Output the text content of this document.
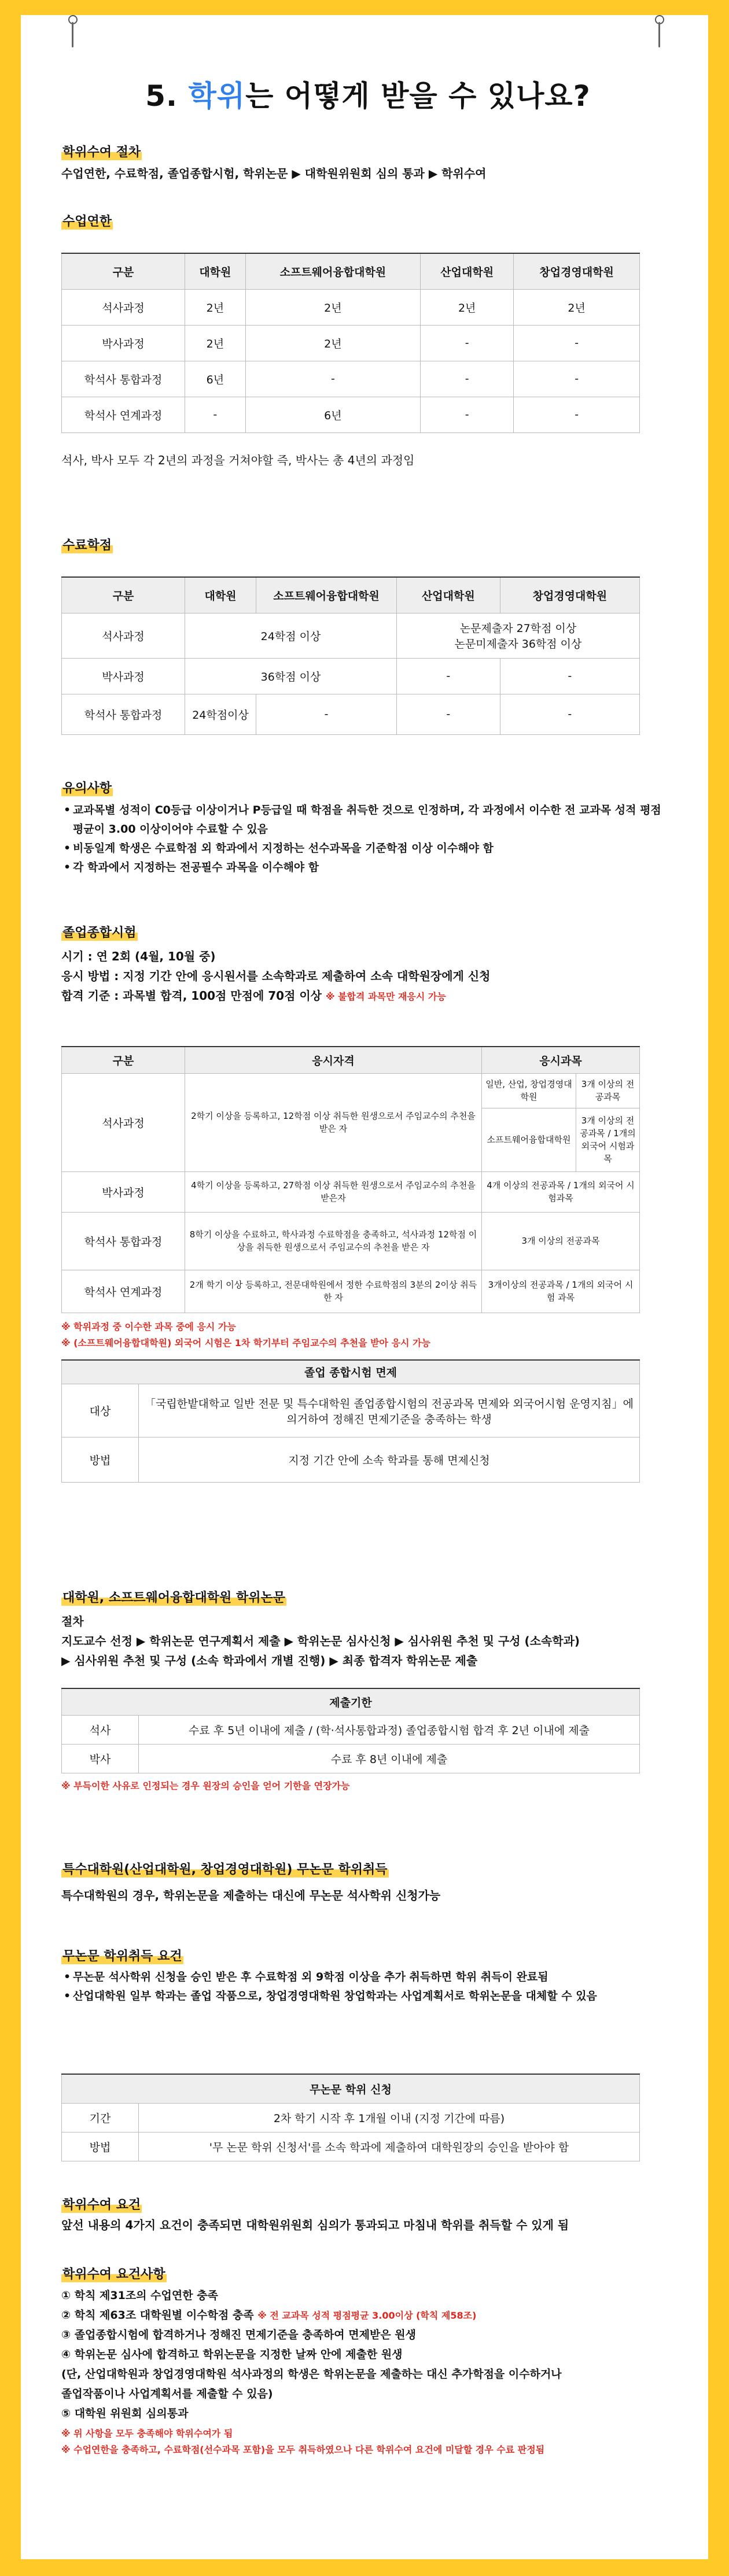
5. 학위는 어떻게 받을 수 있나요?
학위수여 절차
수업연한, 수료학점, 졸업종합시험, 학위논문 ▶ 대학원위원회 심의 통과 ▶ 학위수여
수업연한
구분	대학원	소프트웨어융합대학원	산업대학원	창업경영대학원
석사과정	2년	2년	2년	2년
박사과정	2년	2년	-	-
학석사 통합과정	6년	-	-	-
학석사 연계과정	-	6년	-	-
석사, 박사 모두 각 2년의 과정을 거쳐야할 즉, 박사는 총 4년의 과정임
수료학점
구분	대학원	소프트웨어융합대학원	산업대학원	창업경영대학원
석사과정	24학점 이상		논문제출자 27학점 이상
논문미제출자 36학점 이상	

박사과정	36학점 이상		-	-
학석사 통합과정	24학점이상	-	-	-
유의사항
• 교과목별 성적이 C0등급 이상이거나 P등급일 때 학점을 취득한 것으로 인정하며, 각 과정에서 이수한 전 교과목 성적 평점평균이 3.00 이상이어야 수료할 수 있음
• 비동일계 학생은 수료학점 외 학과에서 지정하는 선수과목을 기준학점 이상 이수해야 함
• 각 학과에서 지정하는 전공필수 과목을 이수해야 함
졸업종합시험
시기 : 연 2회 (4월, 10월 중)
응시 방법 : 지정 기간 안에 응시원서를 소속학과로 제출하여 소속 대학원장에게 신청
합격 기준 : 과목별 합격, 100점 만점에 70점 이상 ※ 불합격 과목만 재응시 가능
구분	응시자격	응시과목	
석사과정	2학기 이상을 등록하고, 12학점 이상 취득한 원생으로서 주임교수의 추천을 받은 자	일반, 산업, 창업경영대학원	3개 이상의 전공과목
		소프트웨어융합대학원	3개 이상의 전공과목 / 1개의 외국어 시험과목
박사과정	4학기 이상을 등록하고, 27학점 이상 취득한 원생으로서 주임교수의 추천을 받은자	4개 이상의 전공과목 / 1개의 외국어 시험과목	
학석사 통합과정	8학기 이상을 수료하고, 학사과정 수료학점을 충족하고, 석사과정 12학점 이상을 취득한 원생으로서 주임교수의 추천을 받은 자	3개 이상의 전공과목	
학석사 연계과정	2개 학기 이상 등록하고, 전문대학원에서 정한 수료학점의 3분의 2이상 취득한 자	3개이상의 전공과목 / 1개의 외국어 시험 과목	
※ 학위과정 중 이수한 과목 중에 응시 가능
※ (소프트웨어융합대학원) 외국어 시험은 1차 학기부터 주임교수의 추천을 받아 응시 가능
졸업 종합시험 면제	
대상	「국립한밭대학교 일반 전문 및 특수대학원 졸업종합시험의 전공과목 면제와 외국어시험 운영지침」에 의거하여 정해진 면제기준을 충족하는 학생
방법	지정 기간 안에 소속 학과를 통해 면제신청
대학원, 소프트웨어융합대학원 학위논문
절차
지도교수 선정 ▶ 학위논문 연구계획서 제출 ▶ 학위논문 심사신청 ▶ 심사위원 추천 및 구성 (소속학과)
▶ 심사위원 추천 및 구성 (소속 학과에서 개별 진행) ▶ 최종 합격자 학위논문 제출
제출기한	
석사	수료 후 5년 이내에 제출 / (학·석사통합과정) 졸업종합시험 합격 후 2년 이내에 제출
박사	수료 후 8년 이내에 제출
※ 부득이한 사유로 인정되는 경우 원장의 승인을 얻어 기한을 연장가능
특수대학원(산업대학원, 창업경영대학원) 무논문 학위취득
특수대학원의 경우, 학위논문을 제출하는 대신에 무논문 석사학위 신청가능
무논문 학위취득 요건
• 무논문 석사학위 신청을 승인 받은 후 수료학점 외 9학점 이상을 추가 취득하면 학위 취득이 완료됨
• 산업대학원 일부 학과는 졸업 작품으로, 창업경영대학원 창업학과는 사업계획서로 학위논문을 대체할 수 있음
무논문 학위 신청	
기간	2차 학기 시작 후 1개월 이내 (지정 기간에 따름)
방법	'무 논문 학위 신청서'를 소속 학과에 제출하여 대학원장의 승인을 받아야 함
학위수여 요건
앞선 내용의 4가지 요건이 충족되면 대학원위원회 심의가 통과되고 마침내 학위를 취득할 수 있게 됨
학위수여 요건사항
① 학칙 제31조의 수업연한 충족
② 학칙 제63조 대학원별 이수학점 충족 ※ 전 교과목 성적 평점평균 3.00이상 (학칙 제58조)
③ 졸업종합시험에 합격하거나 정해진 면제기준을 충족하여 면제받은 원생
④ 학위논문 심사에 합격하고 학위논문을 지정한 날짜 안에 제출한 원생
(단, 산업대학원과 창업경영대학원 석사과정의 학생은 학위논문을 제출하는 대신 추가학점을 이수하거나
졸업작품이나 사업계획서를 제출할 수 있음)
⑤ 대학원 위원회 심의통과
※ 위 사항을 모두 충족해야 학위수여가 됨
※ 수업연한을 충족하고, 수료학점(선수과목 포함)을 모두 취득하였으나 다른 학위수여 요건에 미달할 경우 수료 판정됨
